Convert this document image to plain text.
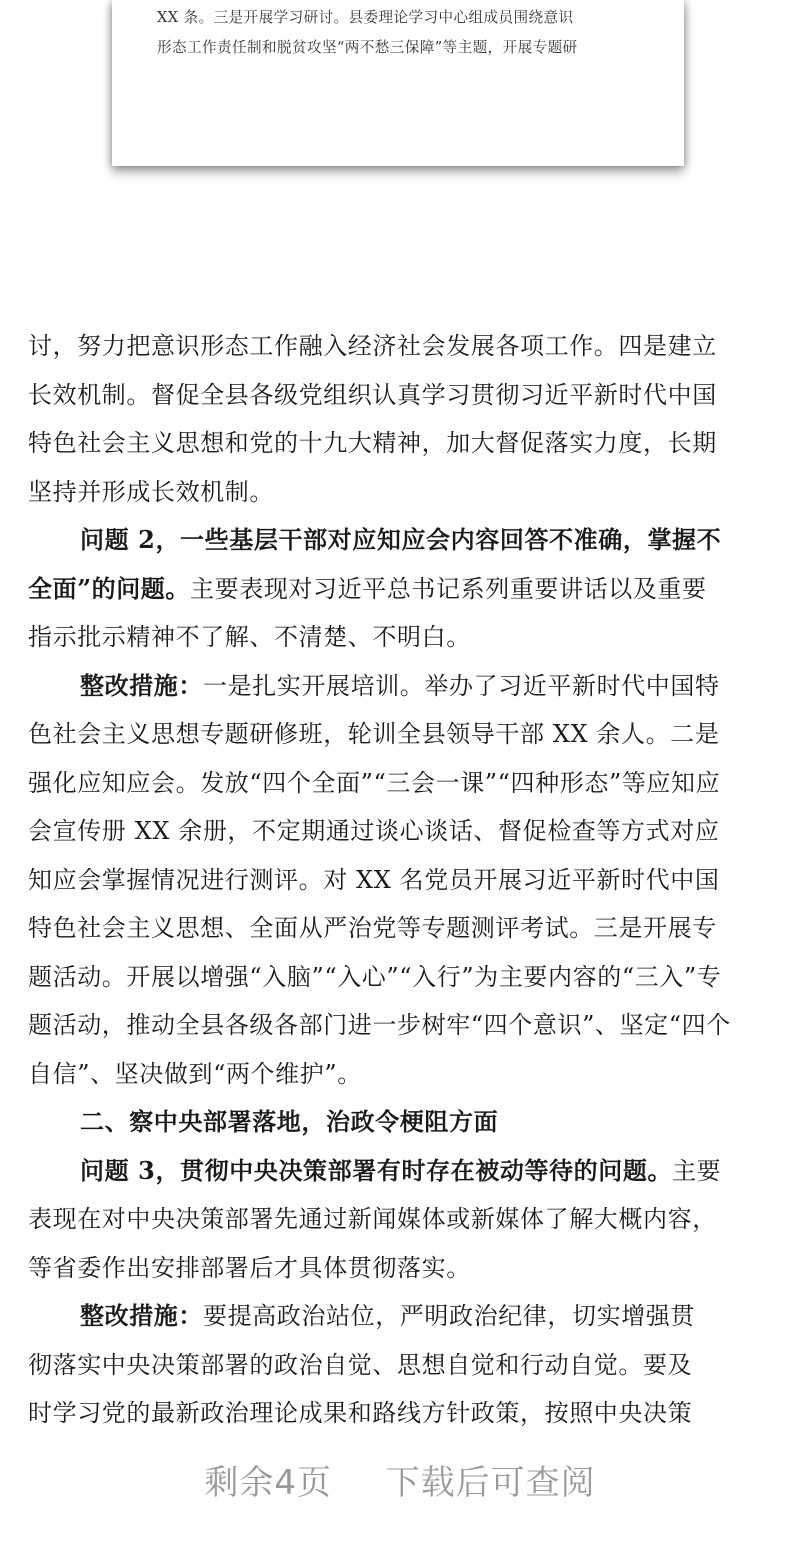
XX 条。三是开展学习研讨。县委理论学习中心组成员围绕意识

形态工作责任制和脱贫攻坚“两不愁三保障”等主题，开展专题研

讨，努力把意识形态工作融入经济社会发展各项工作。四是建立
长效机制。督促全县各级党组织认真学习贯彻习近平新时代中国
特色社会主义思想和党的十九大精神，加大督促落实力度，长期
坚持并形成长效机制。
问题 2，一些基层干部对应知应会内容回答不准确，掌握不
全面”的问题。主要表现对习近平总书记系列重要讲话以及重要
指示批示精神不了解、不清楚、不明白。
整改措施：一是扎实开展培训。举办了习近平新时代中国特
色社会主义思想专题研修班，轮训全县领导干部 XX 余人。二是
强化应知应会。发放“四个全面”“三会一课”“四种形态”等应知应
会宣传册 XX 余册，不定期通过谈心谈话、督促检查等方式对应
知应会掌握情况进行测评。对 XX 名党员开展习近平新时代中国
特色社会主义思想、全面从严治党等专题测评考试。三是开展专
题活动。开展以增强“入脑”“入心”“入行”为主要内容的“三入”专
题活动，推动全县各级各部门进一步树牢“四个意识”、坚定“四个
自信”、坚决做到“两个维护”。
二、察中央部署落地，治政令梗阻方面
问题 3，贯彻中央决策部署有时存在被动等待的问题。主要
表现在对中央决策部署先通过新闻媒体或新媒体了解大概内容，
等省委作出安排部署后才具体贯彻落实。
整改措施：要提高政治站位，严明政治纪律，切实增强贯
彻落实中央决策部署的政治自觉、思想自觉和行动自觉。要及
时学习党的最新政治理论成果和路线方针政策，按照中央决策
剩余4页 下载后可查阅
